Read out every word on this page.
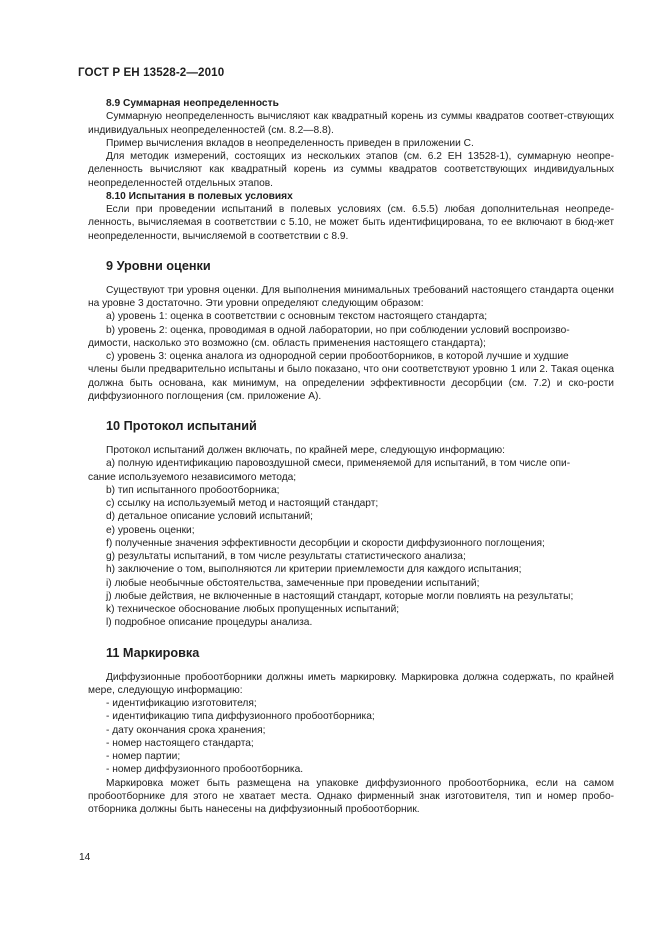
ГОСТ Р ЕН 13528-2—2010
8.9 Суммарная неопределенность

Суммарную неопределенность вычисляют как квадратный корень из суммы квадратов соответ-ствующих индивидуальных неопределенностей (см. 8.2—8.8).

Пример вычисления вкладов в неопределенность приведен в приложении С.

Для методик измерений, состоящих из нескольких этапов (см. 6.2 ЕН 13528-1), суммарную неопре-деленность вычисляют как квадратный корень из суммы квадратов соответствующих индивидуальных неопределенностей отдельных этапов.

8.10 Испытания в полевых условиях

Если при проведении испытаний в полевых условиях (см. 6.5.5) любая дополнительная неопреде-ленность, вычисляемая в соответствии с 5.10, не может быть идентифицирована, то ее включают в бюд-жет неопределенности, вычисляемой в соответствии с 8.9.

9 Уровни оценки

Существуют три уровня оценки. Для выполнения минимальных требований настоящего стандарта оценки на уровне 3 достаточно. Эти уровни определяют следующим образом:

а) уровень 1: оценка в соответствии с основным текстом настоящего стандарта;
b) уровень 2: оценка, проводимая в одной лаборатории, но при соблюдении условий воспроизво-
димости, насколько это возможно (см. область применения настоящего стандарта);
с) уровень 3: оценка аналога из однородной серии пробоотборников, в которой лучшие и худшие
члены были предварительно испытаны и было показано, что они соответствуют уровню 1 или 2. Такая оценка должна быть основана, как минимум, на определении эффективности десорбции (см. 7.2) и ско-рости диффузионного поглощения (см. приложение А).
10 Протокол испытаний

Протокол испытаний должен включать, по крайней мере, следующую информацию:

а) полную идентификацию паровоздушной смеси, применяемой для испытаний, в том числе опи-
сание используемого независимого метода;
b) тип испытанного пробоотборника;
с) ссылку на используемый метод и настоящий стандарт;
d) детальное описание условий испытаний;
е) уровень оценки;
f) полученные значения эффективности десорбции и скорости диффузионного поглощения;
g) результаты испытаний, в том числе результаты статистического анализа;
h) заключение о том, выполняются ли критерии приемлемости для каждого испытания;
i) любые необычные обстоятельства, замеченные при проведении испытаний;
j) любые действия, не включенные в настоящий стандарт, которые могли повлиять на результаты;
k) техническое обоснование любых пропущенных испытаний;
l) подробное описание процедуры анализа.
11 Маркировка

Диффузионные пробоотборники должны иметь маркировку. Маркировка должна содержать, по крайней мере, следующую информацию:

- идентификацию изготовителя;
- идентификацию типа диффузионного пробоотборника;
- дату окончания срока хранения;
- номер настоящего стандарта;
- номер партии;
- номер диффузионного пробоотборника.

Маркировка может быть размещена на упаковке диффузионного пробоотборника, если на самом пробоотборнике для этого не хватает места. Однако фирменный знак изготовителя, тип и номер пробо-отборника должны быть нанесены на диффузионный пробоотборник.

14
